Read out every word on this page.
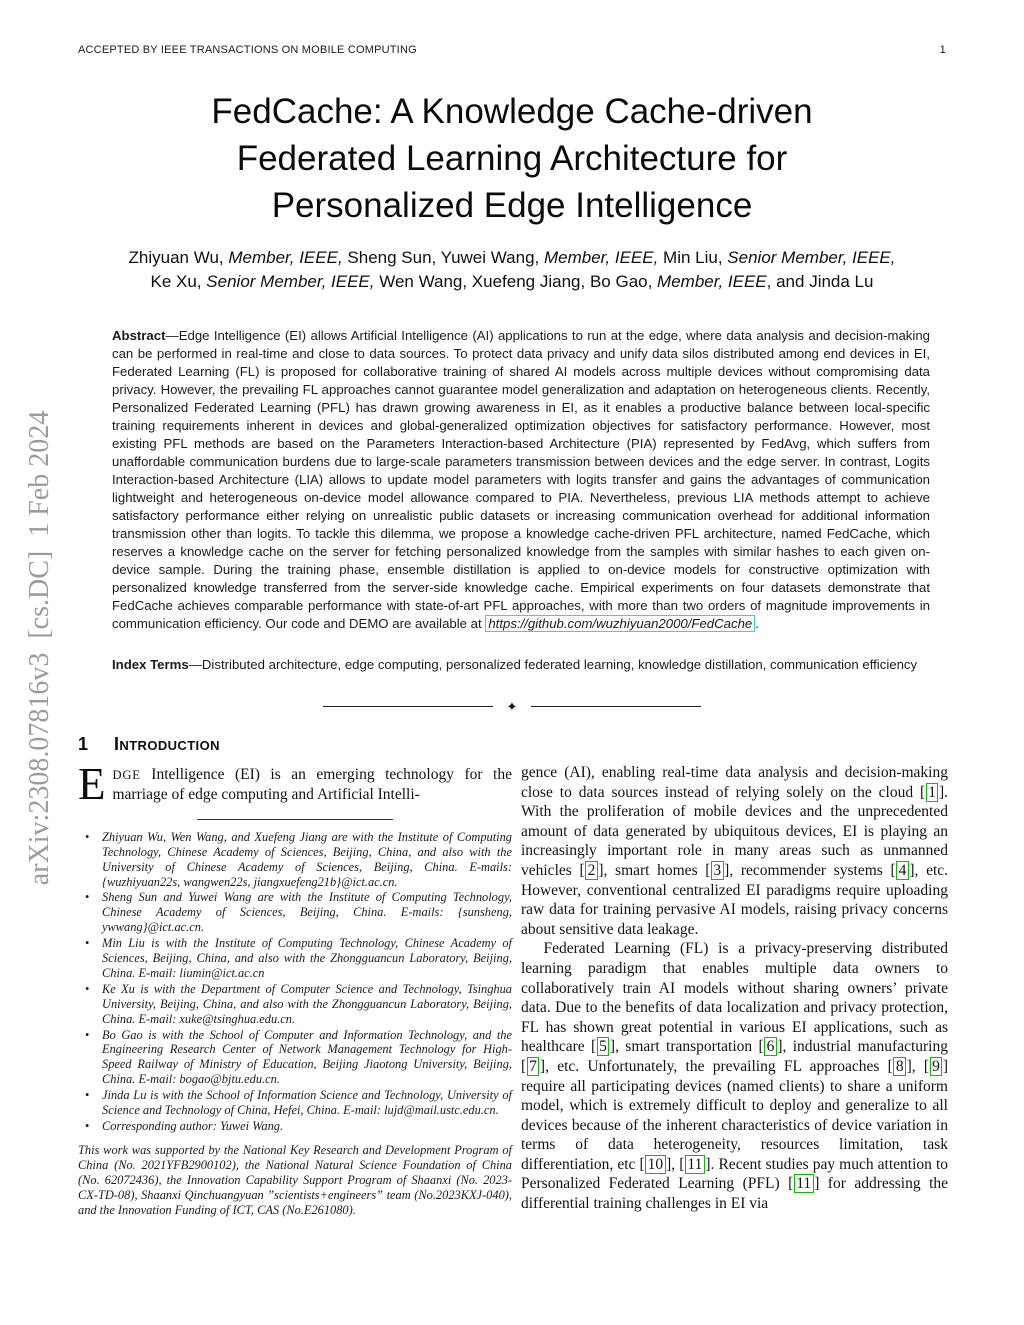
ACCEPTED BY IEEE TRANSACTIONS ON MOBILE COMPUTING	1
arXiv:2308.07816v3  [cs.DC]  1 Feb 2024
FedCache: A Knowledge Cache-driven
Federated Learning Architecture for
Personalized Edge Intelligence
Zhiyuan Wu, Member, IEEE, Sheng Sun, Yuwei Wang, Member, IEEE, Min Liu, Senior Member, IEEE,
Ke Xu, Senior Member, IEEE, Wen Wang, Xuefeng Jiang, Bo Gao, Member, IEEE, and Jinda Lu
Abstract—Edge Intelligence (EI) allows Artificial Intelligence (AI) applications to run at the edge, where data analysis and decision-making can be performed in real-time and close to data sources. To protect data privacy and unify data silos distributed among end devices in EI, Federated Learning (FL) is proposed for collaborative training of shared AI models across multiple devices without compromising data privacy. However, the prevailing FL approaches cannot guarantee model generalization and adaptation on heterogeneous clients. Recently, Personalized Federated Learning (PFL) has drawn growing awareness in EI, as it enables a productive balance between local-specific training requirements inherent in devices and global-generalized optimization objectives for satisfactory performance. However, most existing PFL methods are based on the Parameters Interaction-based Architecture (PIA) represented by FedAvg, which suffers from unaffordable communication burdens due to large-scale parameters transmission between devices and the edge server. In contrast, Logits Interaction-based Architecture (LIA) allows to update model parameters with logits transfer and gains the advantages of communication lightweight and heterogeneous on-device model allowance compared to PIA. Nevertheless, previous LIA methods attempt to achieve satisfactory performance either relying on unrealistic public datasets or increasing communication overhead for additional information transmission other than logits. To tackle this dilemma, we propose a knowledge cache-driven PFL architecture, named FedCache, which reserves a knowledge cache on the server for fetching personalized knowledge from the samples with similar hashes to each given on-device sample. During the training phase, ensemble distillation is applied to on-device models for constructive optimization with personalized knowledge transferred from the server-side knowledge cache. Empirical experiments on four datasets demonstrate that FedCache achieves comparable performance with state-of-art PFL approaches, with more than two orders of magnitude improvements in communication efficiency. Our code and DEMO are available at https://github.com/wuzhiyuan2000/FedCache .
Index Terms—Distributed architecture, edge computing, personalized federated learning, knowledge distillation, communication efficiency
✦
1 Introduction
EDGE Intelligence (EI) is an emerging technology for the marriage of edge computing and Artificial Intelli-
• Zhiyuan Wu, Wen Wang, and Xuefeng Jiang are with the Institute of Computing Technology, Chinese Academy of Sciences, Beijing, China, and also with the University of Chinese Academy of Sciences, Beijing, China. E-mails: {wuzhiyuan22s, wangwen22s, jiangxuefeng21b}@ict.ac.cn.
• Sheng Sun and Yuwei Wang are with the Institute of Computing Technology, Chinese Academy of Sciences, Beijing, China. E-mails: {sunsheng, ywwang}@ict.ac.cn.
• Min Liu is with the Institute of Computing Technology, Chinese Academy of Sciences, Beijing, China, and also with the Zhongguancun Laboratory, Beijing, China. E-mail: liumin@ict.ac.cn
• Ke Xu is with the Department of Computer Science and Technology, Tsinghua University, Beijing, China, and also with the Zhongguancun Laboratory, Beijing, China. E-mail: xuke@tsinghua.edu.cn.
• Bo Gao is with the School of Computer and Information Technology, and the Engineering Research Center of Network Management Technology for High-Speed Railway of Ministry of Education, Beijing Jiaotong University, Beijing, China. E-mail: bogao@bjtu.edu.cn.
• Jinda Lu is with the School of Information Science and Technology, University of Science and Technology of China, Hefei, China. E-mail: lujd@mail.ustc.edu.cn.
• Corresponding author: Yuwei Wang.
This work was supported by the National Key Research and Development Program of China (No. 2021YFB2900102), the National Natural Science Foundation of China (No. 62072436), the Innovation Capability Support Program of Shaanxi (No. 2023-CX-TD-08), Shaanxi Qinchuangyuan ”scientists+engineers” team (No.2023KXJ-040), and the Innovation Funding of ICT, CAS (No.E261080).

gence (AI), enabling real-time data analysis and decision-making close to data sources instead of relying solely on the cloud [ 1 ]. With the proliferation of mobile devices and the unprecedented amount of data generated by ubiquitous devices, EI is playing an increasingly important role in many areas such as unmanned vehicles [ 2 ], smart homes [ 3 ], recommender systems [ 4 ], etc. However, conventional centralized EI paradigms require uploading raw data for training pervasive AI models, raising privacy concerns about sensitive data leakage.

Federated Learning (FL) is a privacy-preserving distributed learning paradigm that enables multiple data owners to collaboratively train AI models without sharing owners’ private data. Due to the benefits of data localization and privacy protection, FL has shown great potential in various EI applications, such as healthcare [ 5 ], smart transportation [ 6 ], industrial manufacturing [ 7 ], etc. Unfortunately, the prevailing FL approaches [ 8 ], [ 9 ] require all participating devices (named clients) to share a uniform model, which is extremely difficult to deploy and generalize to all devices because of the inherent characteristics of device variation in terms of data heterogeneity, resources limitation, task differentiation, etc [ 10 ], [ 11 ]. Recent studies pay much attention to Personalized Federated Learning (PFL) [ 11 ] for addressing the differential training challenges in EI via
